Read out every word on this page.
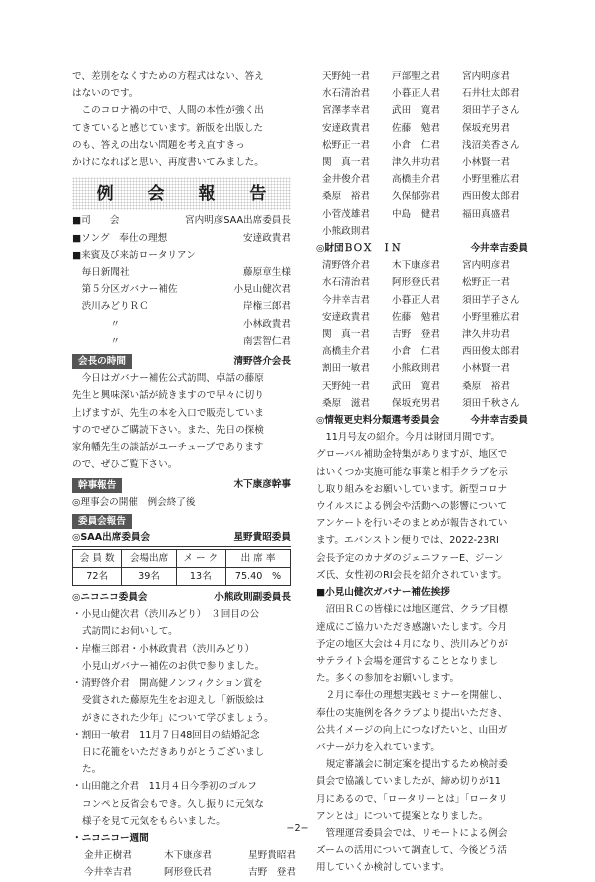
で、差別をなくすための方程式はない、答え

はないのです。

このコロナ禍の中で、人間の本性が強く出

てきていると感じています。新版を出版した

のも、答えの出ない問題を考え直すきっ

かけになればと思い、再度書いてみました。

例 会 報 告
■司　　会	宮内明彦SAA出席委員長
■ソング　奉仕の理想	安達政貴君
■来賓及び来訪ロータリアン
　毎日新聞社	藤原章生様
　第５分区ガバナー補佐	小見山健次君
　渋川みどりＲＣ	岸権三郎君
　　　　〃	小林政貴君
　　　　〃	南雲智仁君
会長の時間	清野啓介会長

今日はガバナー補佐公式訪問、卓話の藤原

先生と興味深い話が続きますので早々に切り

上げますが、先生の本を入口で販売していま

すのでぜひご購読下さい。また、先日の探検

家角幡先生の談話がユーチューブであります

ので、ぜひご覧下さい。

幹事報告	木下康彦幹事

◎理事会の開催　例会終了後

委員会報告
◎SAA出席委員会	星野貴昭委員
会 員 数	会場出席	メ ー ク	出 席 率
72名	39名	13名	75.40　%
◎ニコニコ委員会	小熊政則副委員長
・小見山健次君（渋川みどり）　３回目の公
式訪問にお伺いして。
・岸権三郎君・小林政貴君（渋川みどり）
小見山ガバナー補佐のお供で参りました。
・清野啓介君　開高健ノンフィクション賞を
受賞された藤原先生をお迎えし「新版絵は
がきにされた少年」について学びましょう。
・割田一敏君　11月７日48回目の結婚記念
日に花籠をいただきありがとうございまし
た。
・山田龍之介君　11月４日今季初のゴルフ
コンペと反省会もでき。久し振りに元気な
様子を見て元気をもらいました。
・ニコニコー週間
金井正樹君	木下康彦君	星野貴昭君
今井幸吉君	阿形登氏君	吉野　登君
天野純一君	戸部聖之君	宮内明彦君
水石清治君	小暮正人君	石井壮太郎君
宮澤孝幸君	武田　寛君	須田芋子さん
安達政貴君	佐藤　勉君	保坂充男君
松野正一君	小倉　仁君	浅沼美香さん
関　真一君	津久井功君	小林賢一君
金井俊介君	高橋圭介君	小野里雅広君
桑原　裕君	久保郁弥君	西田俊太郎君
小菅茂雄君	中島　健君	福田真盛君
小熊政則君
◎財団ＢＯＸ　ＩＮ	今井幸吉委員
清野啓介君	木下康彦君	宮内明彦君
水石清治君	阿形登氏君	松野正一君
今井幸吉君	小暮正人君	須田芋子さん
安達政貴君	佐藤　勉君	小野里雅広君
関　真一君	吉野　登君	津久井功君
高橋圭介君	小倉　仁君	西田俊太郎君
割田一敏君	小熊政則君	小林賢一君
天野純一君	武田　寛君	桑原　裕君
桑原　滋君	保坂充男君	須田千秋さん
◎情報更史料分類選考委員会	今井幸吉委員

11月号友の紹介。今月は財団月間です。

グローバル補助金特集がありますが、地区で

はいくつか実施可能な事業と相手クラブを示

し取り組みをお願いしています。新型コロナ

ウイルスによる例会や活動への影響について

アンケートを行いそのまとめが報告されてい

ます。エバンストン便りでは、2022-23RI

会長予定のカナダのジェニファーE、ジーン

ズ氏、女性初のRI会長を紹介されています。

■小見山健次ガバナー補佐挨拶

沼田ＲＣの皆様には地区運営、クラブ目標

達成にご協力いただき感謝いたします。今月

予定の地区大会は４月になり、渋川みどりが

サテライト会場を運営することとなりまし

た。多くの参加をお願いします。

２月に奉仕の理想実践セミナーを開催し、

奉仕の実施例を各クラブより提出いただき、

公共イメージの向上につなげたいと、山田ガ

バナーが力を入れています。

規定審議会に制定案を提出するため検討委

員会で協議していましたが、締め切りが11

月にあるので、「ロータリーとは」「ロータリ

アンとは」について提案となりました。

管理運営委員会では、リモートによる例会

ズームの活用について調査して、今後どう活

用していくか検討しています。

−2−
